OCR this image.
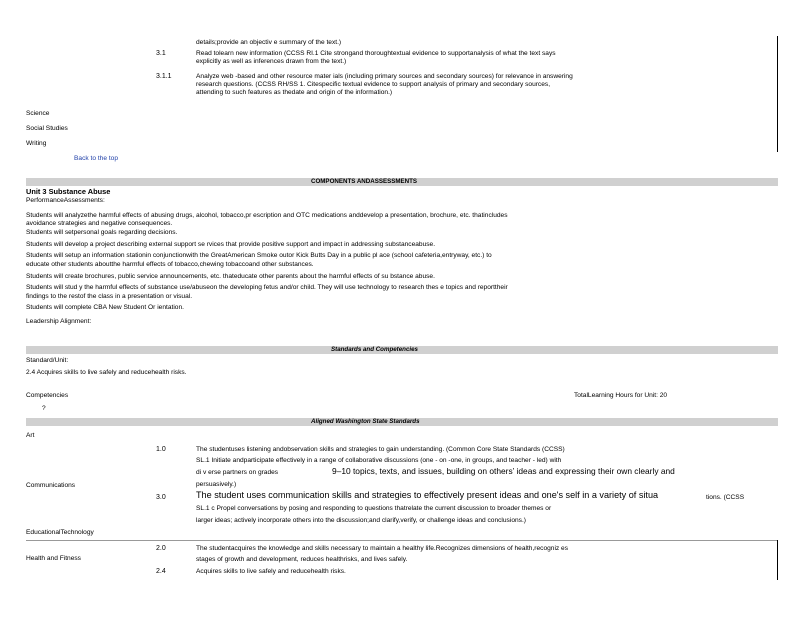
details;provide an objectiv e summary of the text.)
3.1	Read tolearn new information (CCSS RI.1 Cite strongand thoroughtextual evidence to supportanalysis of what the text says
explicitly as well as inferences drawn from the text.)
3.1.1	Analyze web -based and other resource mater ials (including primary sources and secondary sources) for relevance in answering
research questions. (CCSS RH/SS 1. Citespecific textual evidence to support analysis of primary and secondary sources,
attending to such features as thedate and origin of the information.)
Science
Social Studies
Writing
Back to the top
COMPONENTS ANDASSESSMENTS
Unit 3 Substance Abuse
PerformanceAssessments:
Students will analyzethe harmful effects of abusing drugs, alcohol, tobacco,pr escription and OTC medications anddevelop a presentation, brochure, etc. thatincludes
avoidance strategies and negative consequences.
Students will setpersonal goals regarding decisions.
Students will develop a project describing external support se rvices that provide positive support and impact in addressing substanceabuse.
Students will setup an information stationin conjunctionwith the GreatAmerican Smoke outor Kick Butts Day in a public pl ace (school cafeteria,entryway, etc.) to
educate other students aboutthe harmful effects of tobacco,chewing tobaccoand other substances.
Students will create brochures, public service announcements, etc. thateducate other parents about the harmful effects of su bstance abuse.
Students will stud y the harmful effects of substance use/abuseon the developing fetus and/or child. They will use technology to research thes e topics and reporttheir
findings to the restof the class in a presentation or visual.
Students will complete CBA New Student Or ientation.
Leadership Alignment:
Standards and Competencies
Standard/Unit:
2.4 Acquires skills to live safely and reducehealth risks.
Competencies
?
TotalLearning Hours for Unit: 20
Aligned Washington State Standards
Art
Communications
EducationalTechnology
Health and Fitness
1.0	The studentuses listening andobservation skills and strategies to gain understanding. (Common Core State Standards (CCSS)
SL.1 Initiate andparticipate effectively in a range of collaborative discussions (one - on -one, in groups, and teacher - led) with
di v erse partners on grades	9–10 topics, texts, and issues, building on others’ ideas and expressing their own clearly and
persuasively.)
3.0	The student uses communication skills and strategies to effectively present ideas and one's self in a variety of situa	tions. (CCSS
SL.1 c Propel conversations by posing and responding to questions thatrelate the current discussion to broader themes or
larger ideas; actively incorporate others into the discussion;and clarify,verify, or challenge ideas and conclusions.)
2.0	The studentacquires the knowledge and skills necessary to maintain a healthy life.Recognizes dimensions of health,recogniz es
stages of growth and development, reduces healthrisks, and lives safely.
2.4	Acquires skills to live safely and reducehealth risks.
